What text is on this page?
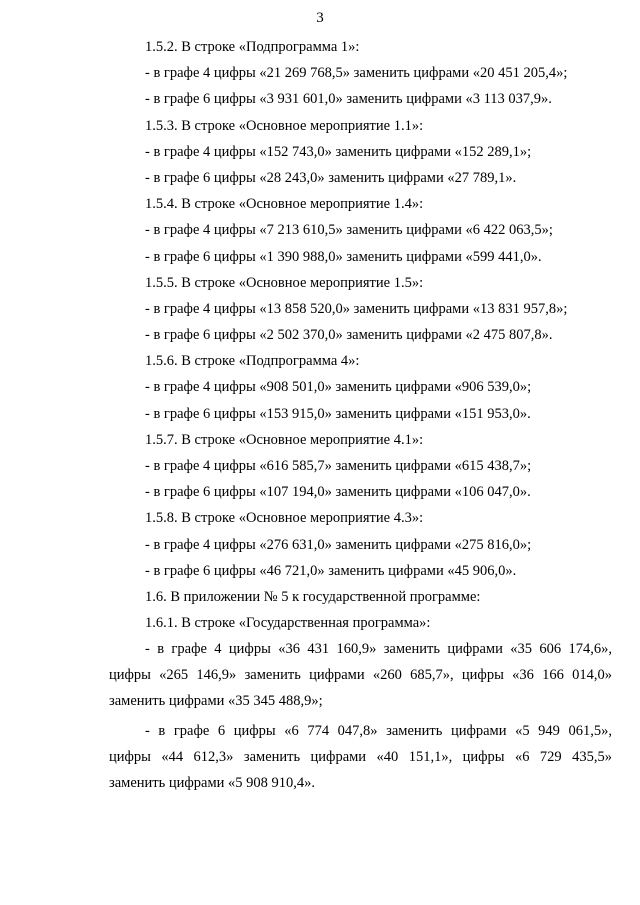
3
1.5.2. В строке «Подпрограмма 1»:
- в графе 4 цифры «21 269 768,5» заменить цифрами «20 451 205,4»;
- в графе 6 цифры «3 931 601,0» заменить цифрами «3 113 037,9».
1.5.3. В строке «Основное мероприятие 1.1»:
- в графе 4 цифры «152 743,0» заменить цифрами «152 289,1»;
- в графе 6 цифры «28 243,0» заменить цифрами «27 789,1».
1.5.4. В строке «Основное мероприятие 1.4»:
- в графе 4 цифры «7 213 610,5» заменить цифрами «6 422 063,5»;
- в графе 6 цифры «1 390 988,0» заменить цифрами «599 441,0».
1.5.5. В строке «Основное мероприятие 1.5»:
- в графе 4 цифры «13 858 520,0» заменить цифрами «13 831 957,8»;
- в графе 6 цифры «2 502 370,0» заменить цифрами «2 475 807,8».
1.5.6. В строке «Подпрограмма 4»:
- в графе 4 цифры «908 501,0» заменить цифрами «906 539,0»;
- в графе 6 цифры «153 915,0» заменить цифрами «151 953,0».
1.5.7. В строке «Основное мероприятие 4.1»:
- в графе 4 цифры «616 585,7» заменить цифрами «615 438,7»;
- в графе 6 цифры «107 194,0» заменить цифрами «106 047,0».
1.5.8. В строке «Основное мероприятие 4.3»:
- в графе 4 цифры «276 631,0» заменить цифрами «275 816,0»;
- в графе 6 цифры «46 721,0» заменить цифрами «45 906,0».
1.6. В приложении № 5 к государственной программе:
1.6.1. В строке «Государственная программа»:
- в графе 4 цифры «36 431 160,9» заменить цифрами «35 606 174,6»,
цифры «265 146,9» заменить цифрами «260 685,7», цифры «36 166 014,0»
заменить цифрами «35 345 488,9»;
- в графе 6 цифры «6 774 047,8» заменить цифрами «5 949 061,5»,
цифры «44 612,3» заменить цифрами «40 151,1», цифры «6 729 435,5»
заменить цифрами «5 908 910,4».
